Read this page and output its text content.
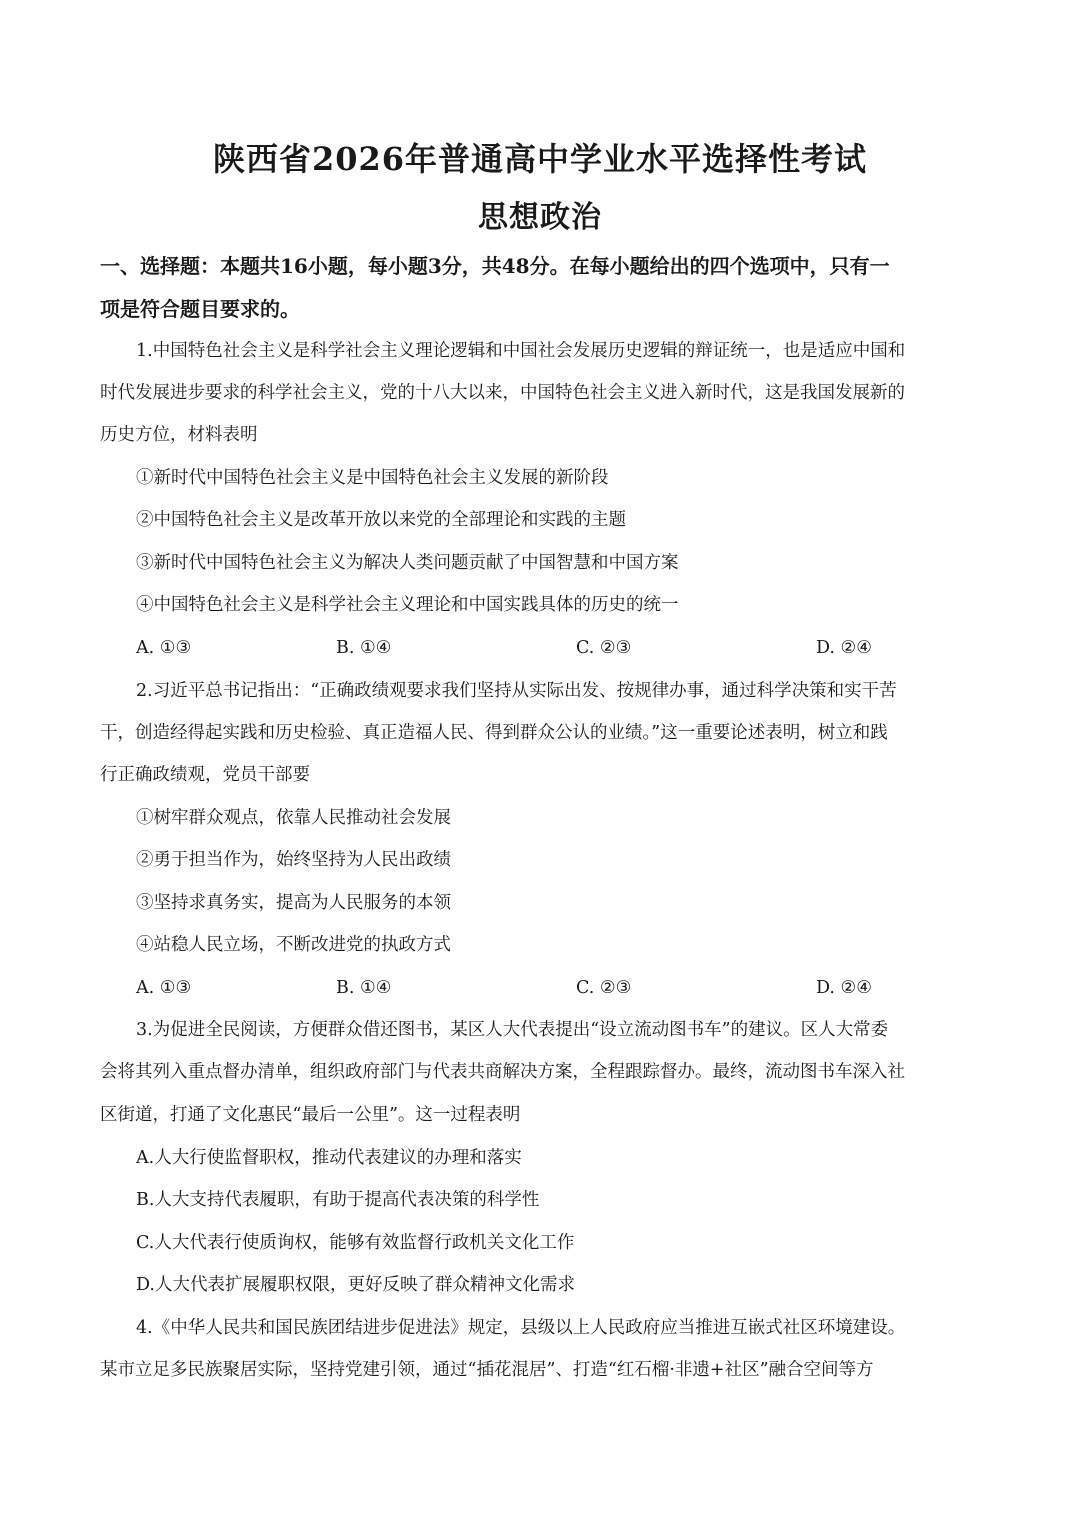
陕西省2026年普通高中学业水平选择性考试
思想政治
一、选择题：本题共16小题，每小题3分，共48分。在每小题给出的四个选项中，只有一
项是符合题目要求的。
1.中国特色社会主义是科学社会主义理论逻辑和中国社会发展历史逻辑的辩证统一，也是适应中国和
时代发展进步要求的科学社会主义，党的十八大以来，中国特色社会主义进入新时代，这是我国发展新的
历史方位，材料表明
①新时代中国特色社会主义是中国特色社会主义发展的新阶段
②中国特色社会主义是改革开放以来党的全部理论和实践的主题
③新时代中国特色社会主义为解决人类问题贡献了中国智慧和中国方案
④中国特色社会主义是科学社会主义理论和中国实践具体的历史的统一
A. ①③	B. ①④	C. ②③	D. ②④
2.习近平总书记指出：“正确政绩观要求我们坚持从实际出发、按规律办事，通过科学决策和实干苦
干，创造经得起实践和历史检验、真正造福人民、得到群众公认的业绩。”这一重要论述表明，树立和践
行正确政绩观，党员干部要
①树牢群众观点，依靠人民推动社会发展
②勇于担当作为，始终坚持为人民出政绩
③坚持求真务实，提高为人民服务的本领
④站稳人民立场，不断改进党的执政方式
A. ①③	B. ①④	C. ②③	D. ②④
3.为促进全民阅读，方便群众借还图书，某区人大代表提出“设立流动图书车”的建议。区人大常委
会将其列入重点督办清单，组织政府部门与代表共商解决方案，全程跟踪督办。最终，流动图书车深入社
区街道，打通了文化惠民“最后一公里”。这一过程表明
A.人大行使监督职权，推动代表建议的办理和落实
B.人大支持代表履职，有助于提高代表决策的科学性
C.人大代表行使质询权，能够有效监督行政机关文化工作
D.人大代表扩展履职权限，更好反映了群众精神文化需求
4.《中华人民共和国民族团结进步促进法》规定，县级以上人民政府应当推进互嵌式社区环境建设。
某市立足多民族聚居实际，坚持党建引领，通过“插花混居”、打造“红石榴·非遗+社区”融合空间等方
